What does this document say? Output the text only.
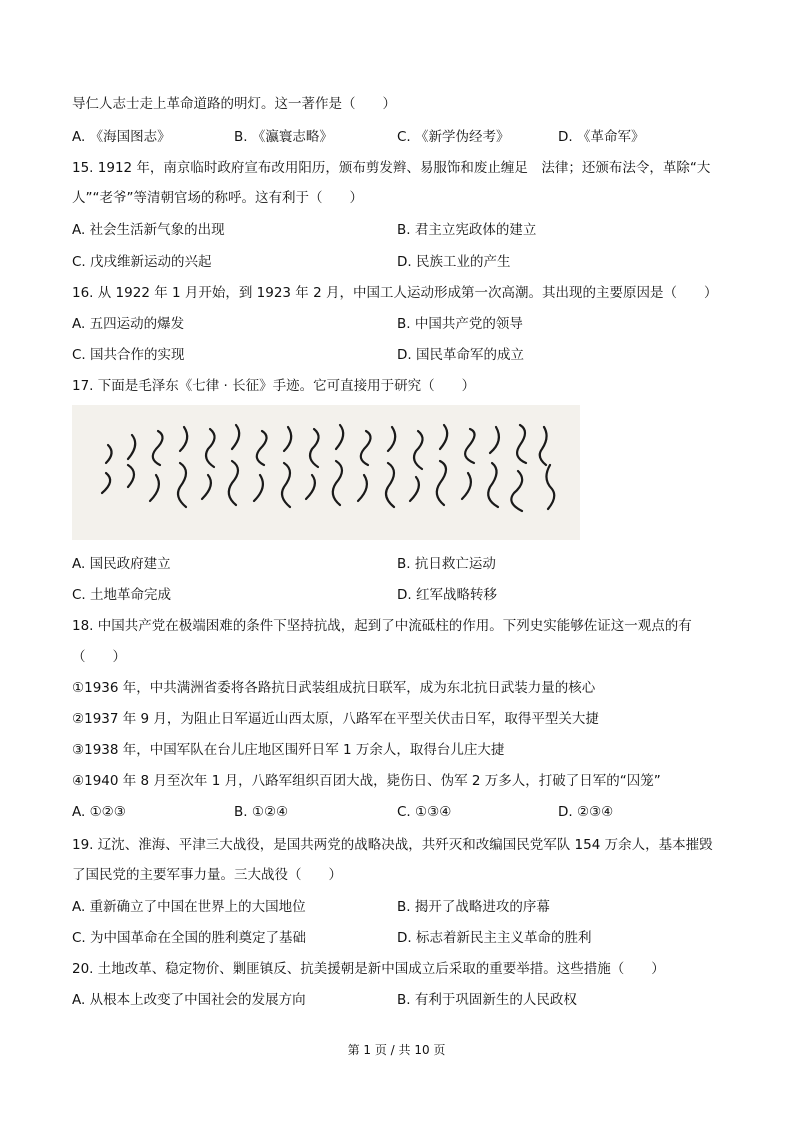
导仁人志士走上革命道路的明灯。这一著作是（　　）
A. 《海国图志》	B. 《瀛寰志略》	C. 《新学伪经考》	D. 《革命军》
15. 1912 年，南京临时政府宣布改用阳历，颁布剪发辫、易服饰和废止缠足　法律；还颁布法令，革除“大
人”“老爷”等清朝官场的称呼。这有利于（　　）
A. 社会生活新气象的出现	B. 君主立宪政体的建立
C. 戊戌维新运动的兴起	D. 民族工业的产生
16. 从 1922 年 1 月开始，到 1923 年 2 月，中国工人运动形成第一次高潮。其出现的主要原因是（　　）
A. 五四运动的爆发	B. 中国共产党的领导
C. 国共合作的实现	D. 国民革命军的成立
17. 下面是毛泽东《七律 · 长征》手迹。它可直接用于研究（　　）
A. 国民政府建立	B. 抗日救亡运动
C. 土地革命完成	D. 红军战略转移
18. 中国共产党在极端困难的条件下坚持抗战，起到了中流砥柱的作用。下列史实能够佐证这一观点的有
（　　）
①1936 年，中共满洲省委将各路抗日武装组成抗日联军，成为东北抗日武装力量的核心
②1937 年 9 月，为阻止日军逼近山西太原，八路军在平型关伏击日军，取得平型关大捷
③1938 年，中国军队在台儿庄地区围歼日军 1 万余人，取得台儿庄大捷
④1940 年 8 月至次年 1 月，八路军组织百团大战，毙伤日、伪军 2 万多人，打破了日军的“囚笼”
A. ①②③	B. ①②④	C. ①③④	D. ②③④
19. 辽沈、淮海、平津三大战役，是国共两党的战略决战，共歼灭和改编国民党军队 154 万余人，基本摧毁
了国民党的主要军事力量。三大战役（　　）
A. 重新确立了中国在世界上的大国地位	B. 揭开了战略进攻的序幕
C. 为中国革命在全国的胜利奠定了基础	D. 标志着新民主主义革命的胜利
20. 土地改革、稳定物价、剿匪镇反、抗美援朝是新中国成立后采取的重要举措。这些措施（　　）
A. 从根本上改变了中国社会的发展方向	B. 有利于巩固新生的人民政权
第 1 页 / 共 10 页
